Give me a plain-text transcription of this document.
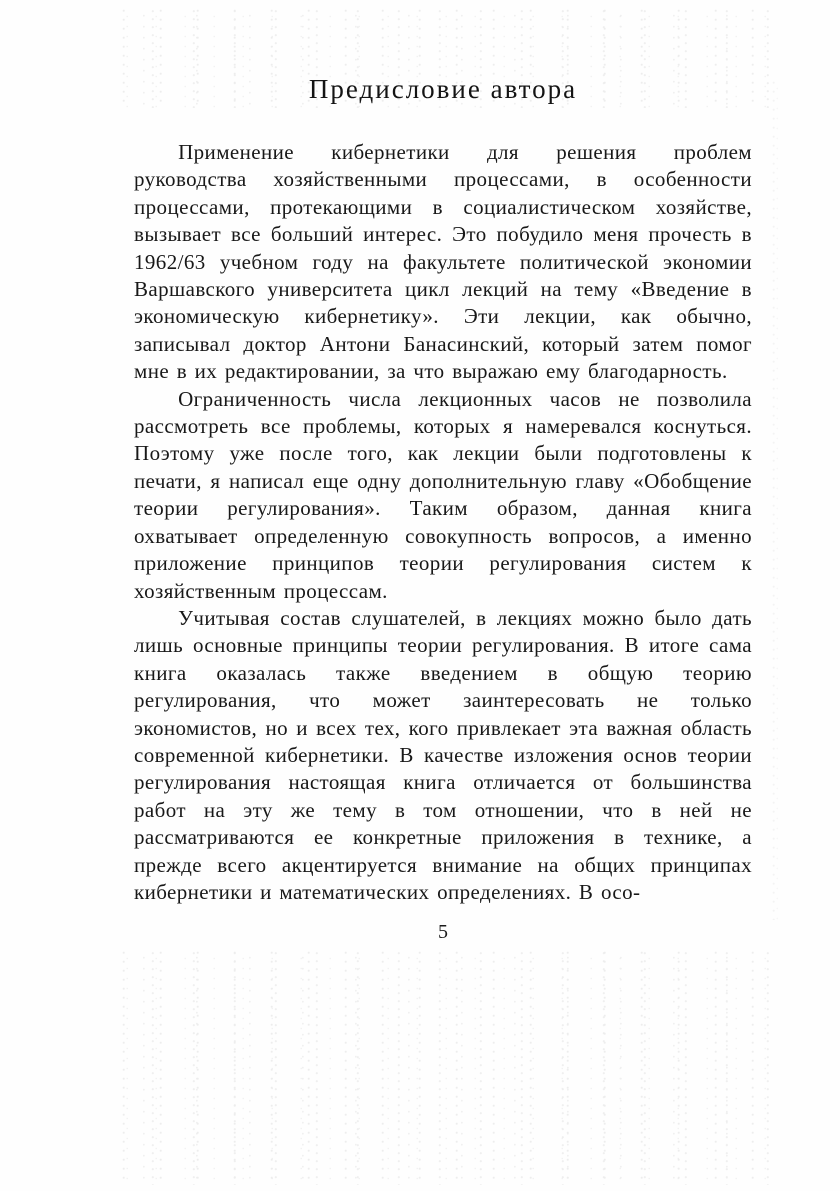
Предисловие автора

Применение кибернетики для решения проблем руководства хозяйственными процессами, в особенности процессами, протекающими в социалистическом хозяйстве, вызывает все больший интерес. Это побудило меня прочесть в 1962/63 учебном году на факультете политической экономии Варшавского университета цикл лекций на тему «Введение в экономическую кибернетику». Эти лекции, как обычно, записывал доктор Антони Банасинский, который затем помог мне в их редактировании, за что выражаю ему благодарность.

Ограниченность числа лекционных часов не позволила рассмотреть все проблемы, которых я намеревался коснуться. Поэтому уже после того, как лекции были подготовлены к печати, я написал еще одну дополнительную главу «Обобщение теории регулирования». Таким образом, данная книга охватывает определенную совокупность вопросов, а именно приложение принципов теории регулирования систем к хозяйственным процессам.

Учитывая состав слушателей, в лекциях можно было дать лишь основные принципы теории регулирования. В итоге сама книга оказалась также введением в общую теорию регулирования, что может заинтересовать не только экономистов, но и всех тех, кого привлекает эта важная область современной кибернетики. В качестве изложения основ теории регулирования настоящая книга отличается от большинства работ на эту же тему в том отношении, что в ней не рассматриваются ее конкретные приложения в технике, а прежде всего акцентируется внимание на общих принципах кибернетики и математических определениях. В осо-

5
